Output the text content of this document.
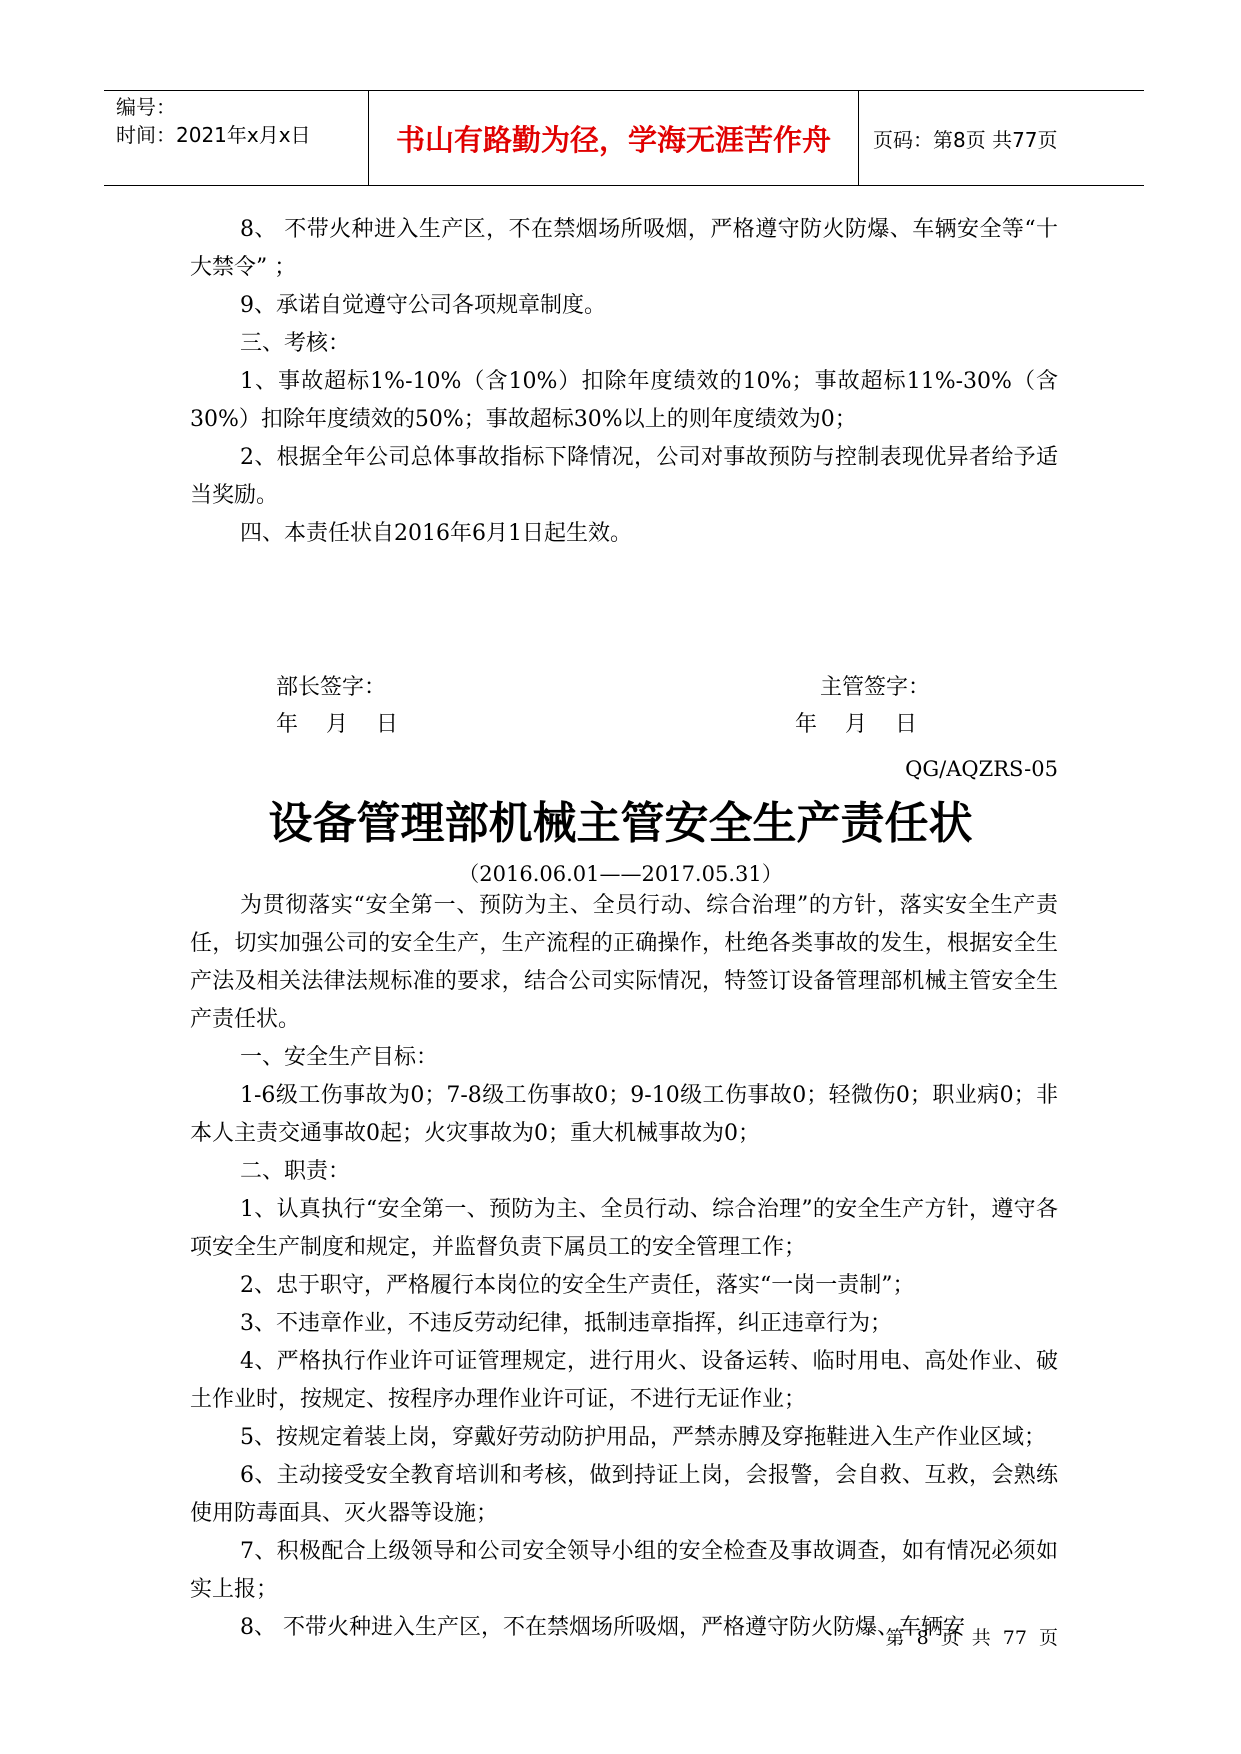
编号：
时间：2021年x月x日	书山有路勤为径，学海无涯苦作舟	页码：第8页 共77页

8、 不带火种进入生产区，不在禁烟场所吸烟，严格遵守防火防爆、车辆安全等“十大禁令” ；

9、承诺自觉遵守公司各项规章制度。

三、考核：

1、事故超标1%-10%（含10%）扣除年度绩效的10%；事故超标11%-30%（含30%）扣除年度绩效的50%；事故超标30%以上的则年度绩效为0；

2、根据全年公司总体事故指标下降情况，公司对事故预防与控制表现优异者给予适当奖励。

四、本责任状自2016年6月1日起生效。

部长签字：
年    月    日
主管签字：
年    月    日
QG/AQZRS-05
设备管理部机械主管安全生产责任状
（2016.06.01——2017.05.31）

为贯彻落实“安全第一、预防为主、全员行动、综合治理”的方针，落实安全生产责任，切实加强公司的安全生产，生产流程的正确操作，杜绝各类事故的发生，根据安全生产法及相关法律法规标准的要求，结合公司实际情况，特签订设备管理部机械主管安全生产责任状。

一、安全生产目标：

1-6级工伤事故为0；7-8级工伤事故0；9-10级工伤事故0；轻微伤0；职业病0；非本人主责交通事故0起；火灾事故为0；重大机械事故为0；

二、职责：

1、认真执行“安全第一、预防为主、全员行动、综合治理”的安全生产方针，遵守各项安全生产制度和规定，并监督负责下属员工的安全管理工作；

2、忠于职守，严格履行本岗位的安全生产责任，落实“一岗一责制”；

3、不违章作业，不违反劳动纪律，抵制违章指挥，纠正违章行为；

4、严格执行作业许可证管理规定，进行用火、设备运转、临时用电、高处作业、破土作业时，按规定、按程序办理作业许可证，不进行无证作业；

5、按规定着装上岗，穿戴好劳动防护用品，严禁赤膊及穿拖鞋进入生产作业区域；

6、主动接受安全教育培训和考核，做到持证上岗，会报警，会自救、互救，会熟练使用防毒面具、灭火器等设施；

7、积极配合上级领导和公司安全领导小组的安全检查及事故调查，如有情况必须如实上报；

8、 不带火种进入生产区，不在禁烟场所吸烟，严格遵守防火防爆、车辆安

第 8 页 共 77 页
